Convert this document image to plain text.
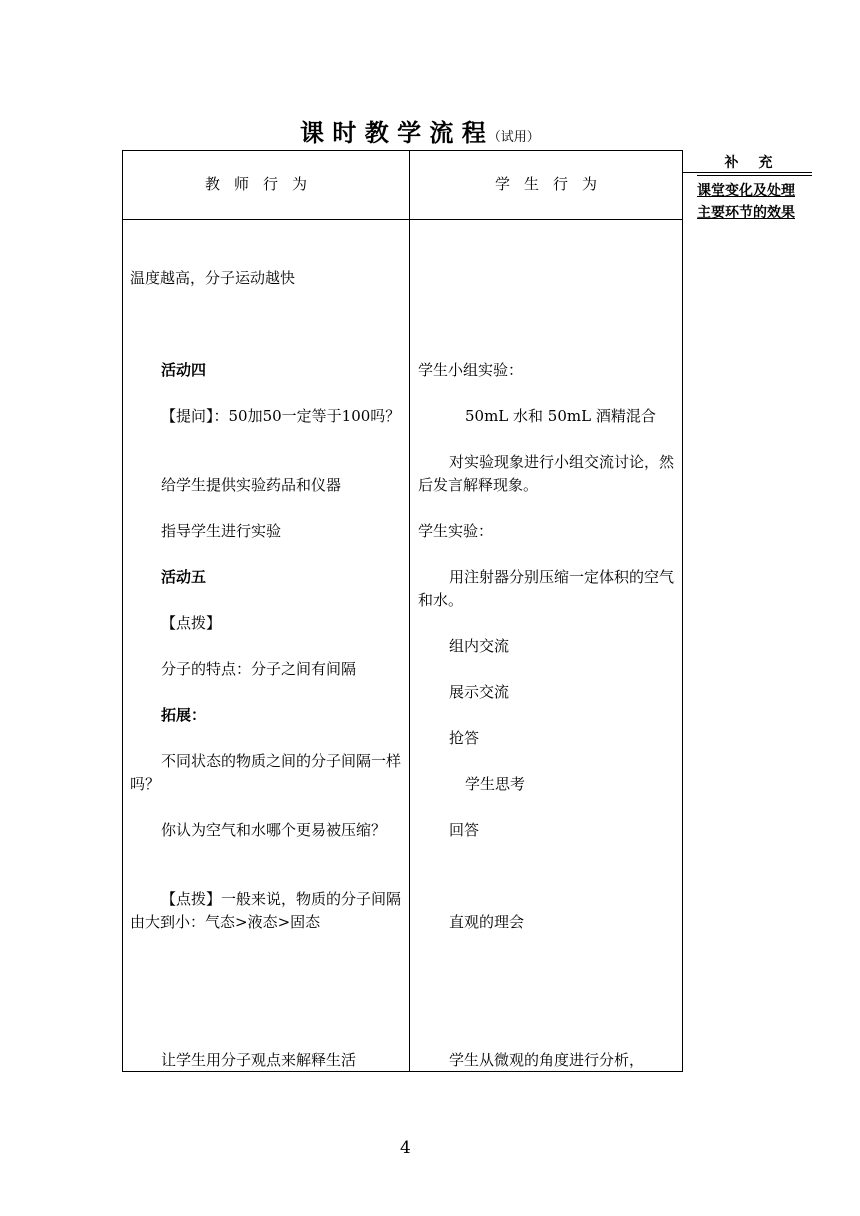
课 时 教 学 流 程 （试用）
教师行为	学生行为
补充
课堂变化及处理
主要环节的效果

温度越高，分子运动越快

活动四

【提问】：50加50一定等于100吗？

给学生提供实验药品和仪器

指导学生进行实验

活动五

【点拨】

分子的特点：分子之间有间隔

拓展：

不同状态的物质之间的分子间隔一样吗？

你认为空气和水哪个更易被压缩？

【点拨】一般来说，物质的分子间隔由大到小：气态>液态>固态

让学生用分子观点来解释生活

学生小组实验：

50mL 水和 50mL 酒精混合

对实验现象进行小组交流讨论，然后发言解释现象。

学生实验：

用注射器分别压缩一定体积的空气和水。

组内交流

展示交流

抢答

学生思考

回答

直观的理会

学生从微观的角度进行分析，

4
